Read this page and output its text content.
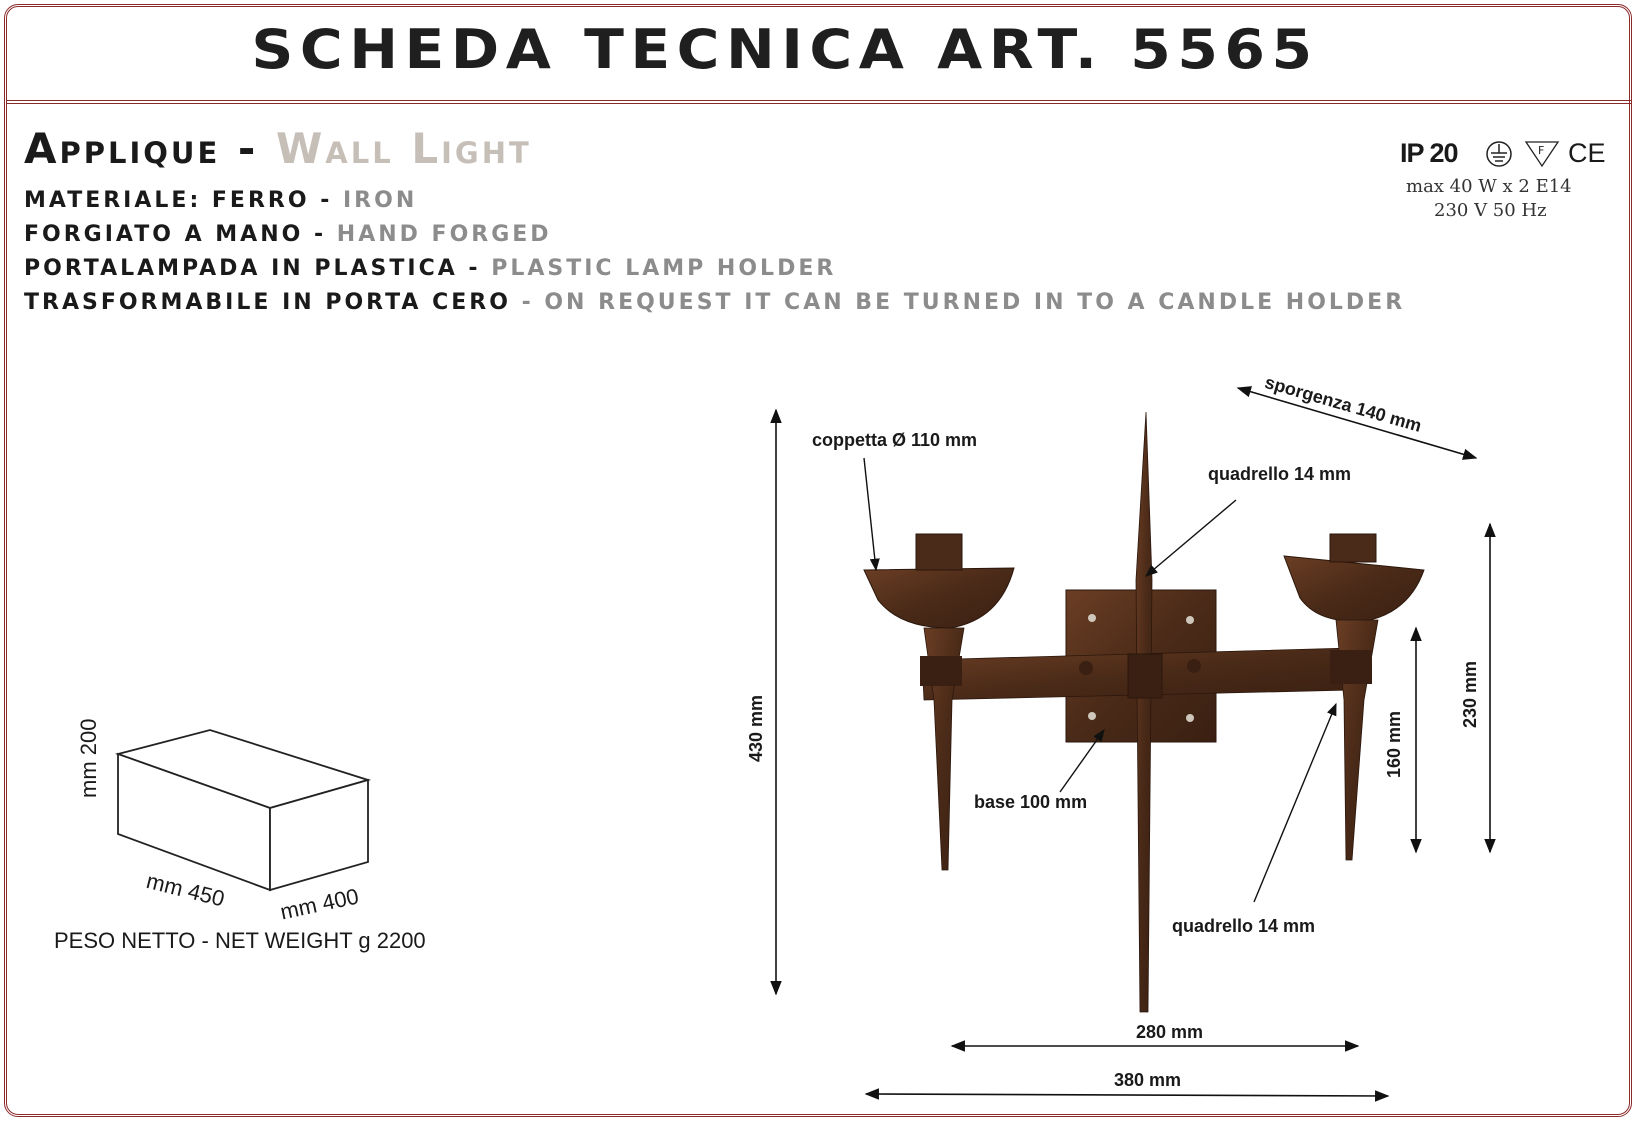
SCHEDA TECNICA ART. 5565
Applique - Wall Light
MATERIALE: FERRO - IRON
FORGIATO A MANO - HAND FORGED
PORTALAMPADA IN PLASTICA - PLASTIC LAMP HOLDER
TRASFORMABILE IN PORTA CERO - ON REQUEST IT CAN BE TURNED IN TO A CANDLE HOLDER
IP 20	F CE
max 40 W x 2 E14
230 V 50 Hz
mm 200
mm 450 mm 400
PESO NETTO - NET WEIGHT g 2200
coppetta Ø 110 mm
quadrello 14 mm
sporgenza 140 mm
430 mm
base 100 mm
160 mm
230 mm
quadrello 14 mm
280 mm
380 mm
